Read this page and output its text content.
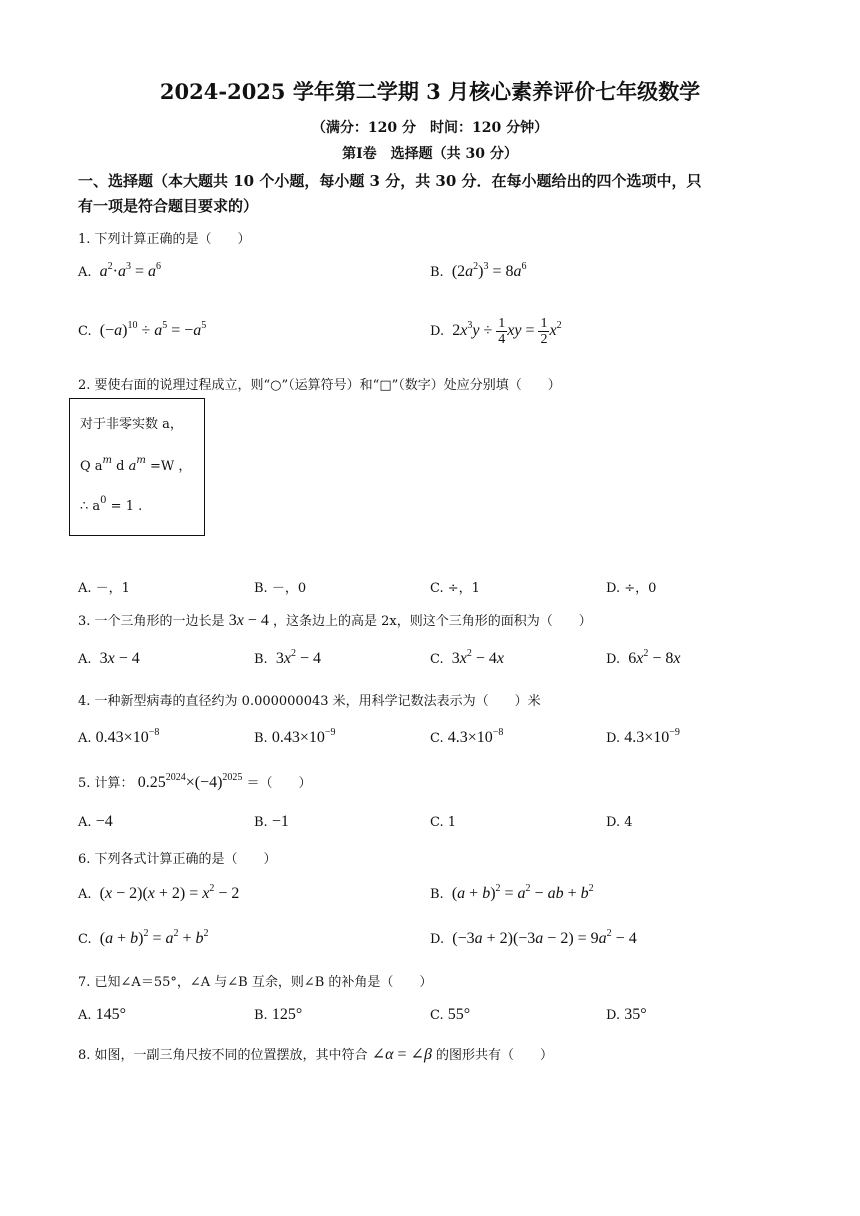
2024-2025 学年第二学期 3 月核心素养评价七年级数学
（满分：120 分　时间：120 分钟）
第Ⅰ卷　选择题（共 30 分）
一、选择题（本大题共 10 个小题，每小题 3 分，共 30 分．在每小题给出的四个选项中，只
有一项是符合题目要求的）
1. 下列计算正确的是（　　）
A. $a^2\cdot a^3 = a^6$	B.  $(2a^2)^3 = 8a^6$
C.  $(-a)^{10} \div a^5 = -a^5$	D.  $2x^3y \div \frac{1}{4}$ xy = $\frac{1}{2} x^2$
2. 要使右面的说理过程成立，则“○”（运算符号）和“□”（数字）处应分别填（　　）
对于非零实数 a，
Q $a^m$ d $a^m =W$ ，
∴ $a^0 = 1$ .
A. －，1	B. －，0	C. ÷，1	D. ÷，0
3. 一个三角形的一边长是 3x − 4 ，这条边上的高是 2x，则这个三角形的面积为（　　）
A.  3x − 4	B.  $3x^2 - 4$	C.  $3x^2 - 4x$	D.  $6x^2 - 8x$
4. 一种新型病毒的直径约为 0.000000043 米，用科学记数法表示为（　　）米
A. $0.43\times 10^{-8}$	B. $0.43\times 10^{-9}$	C. $4.3\times 10^{-8}$	D. $4.3\times 10^{-9}$
5. 计算： $0.25^{2024}\times(-4)^{2025}$ ＝（　　）
A. −4	B. −1	C. 1	D. 4
6. 下列各式计算正确的是（　　）
A.  $(x - 2)(x + 2) = x^2 - 2$	B.  $(a + b)^2 = a^2$ − ab + $b^2$
C.  $(a + b)^2 = a^2 + b^2$	D.  $(-3a + 2)(-3a - 2) = 9a^2 - 4$
7. 已知∠A＝55°，∠A 与∠B 互余，则∠B 的补角是（　　）
A. 145°	B. 125°	C. 55°	D. 35°
8. 如图，一副三角尺按不同的位置摆放，其中符合 ∠α = ∠β 的图形共有（　　）
